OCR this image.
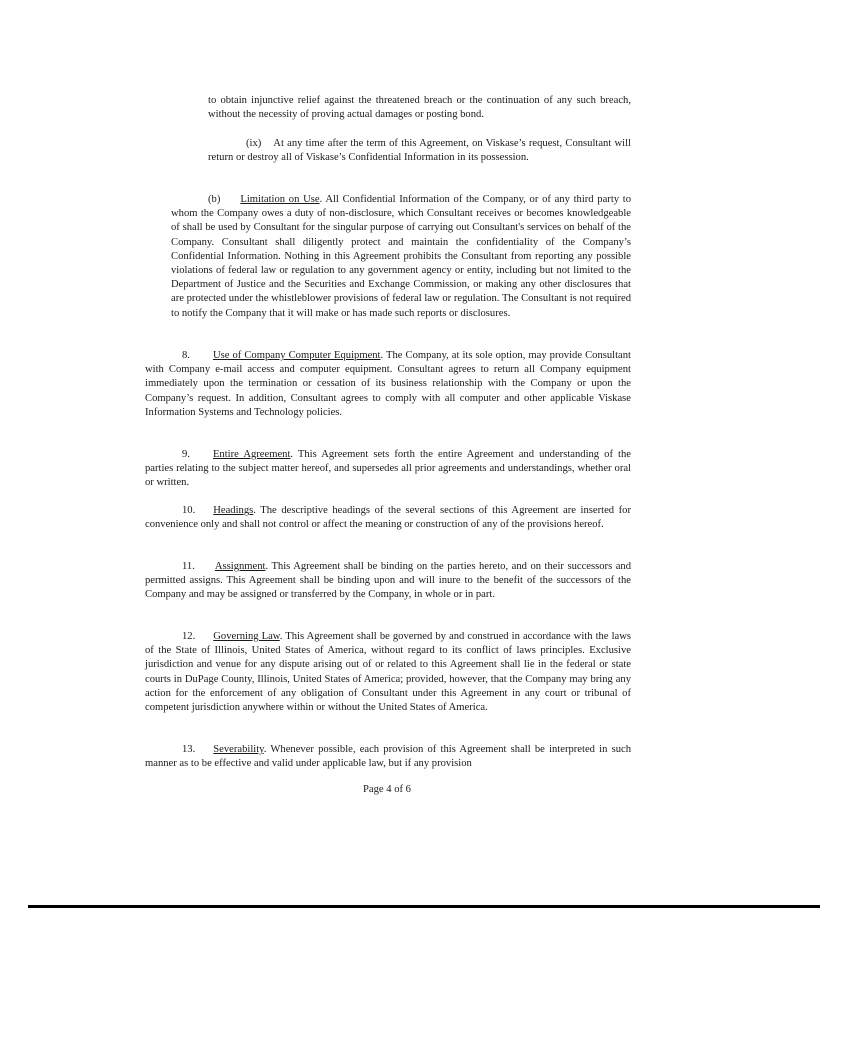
to obtain injunctive relief against the threatened breach or the continuation of any such breach, without the necessity of proving actual damages or posting bond.

(ix) At any time after the term of this Agreement, on Viskase’s request, Consultant will return or destroy all of Viskase’s Confidential Information in its possession.

(b) Limitation on Use. All Confidential Information of the Company, or of any third party to whom the Company owes a duty of non-disclosure, which Consultant receives or becomes knowledgeable of shall be used by Consultant for the singular purpose of carrying out Consultant's services on behalf of the Company. Consultant shall diligently protect and maintain the confidentiality of the Company’s Confidential Information. Nothing in this Agreement prohibits the Consultant from reporting any possible violations of federal law or regulation to any government agency or entity, including but not limited to the Department of Justice and the Securities and Exchange Commission, or making any other disclosures that are protected under the whistleblower provisions of federal law or regulation. The Consultant is not required to notify the Company that it will make or has made such reports or disclosures.

8. Use of Company Computer Equipment. The Company, at its sole option, may provide Consultant with Company e-mail access and computer equipment. Consultant agrees to return all Company equipment immediately upon the termination or cessation of its business relationship with the Company or upon the Company’s request. In addition, Consultant agrees to comply with all computer and other applicable Viskase Information Systems and Technology policies.

9. Entire Agreement. This Agreement sets forth the entire Agreement and understanding of the parties relating to the subject matter hereof, and supersedes all prior agreements and understandings, whether oral or written.

10. Headings. The descriptive headings of the several sections of this Agreement are inserted for convenience only and shall not control or affect the meaning or construction of any of the provisions hereof.

11. Assignment. This Agreement shall be binding on the parties hereto, and on their successors and permitted assigns. This Agreement shall be binding upon and will inure to the benefit of the successors of the Company and may be assigned or transferred by the Company, in whole or in part.

12. Governing Law. This Agreement shall be governed by and construed in accordance with the laws of the State of Illinois, United States of America, without regard to its conflict of laws principles. Exclusive jurisdiction and venue for any dispute arising out of or related to this Agreement shall lie in the federal or state courts in DuPage County, Illinois, United States of America; provided, however, that the Company may bring any action for the enforcement of any obligation of Consultant under this Agreement in any court or tribunal of competent jurisdiction anywhere within or without the United States of America.

13. Severability. Whenever possible, each provision of this Agreement shall be interpreted in such manner as to be effective and valid under applicable law, but if any provision

Page 4 of 6
